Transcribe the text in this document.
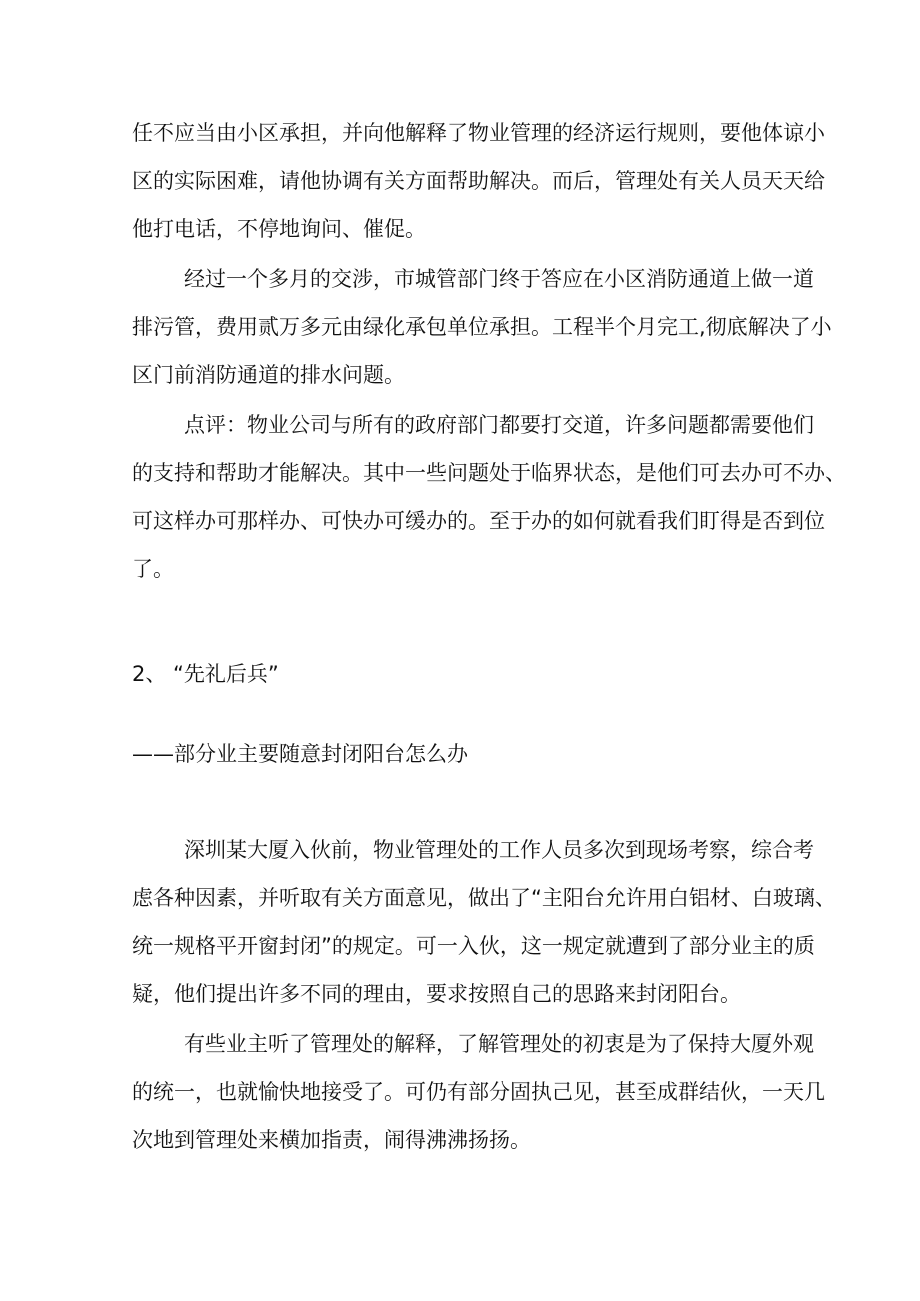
任不应当由小区承担，并向他解释了物业管理的经济运行规则，要他体谅小
区的实际困难，请他协调有关方面帮助解决。而后，管理处有关人员天天给
他打电话，不停地询问、催促。
经过一个多月的交涉，市城管部门终于答应在小区消防通道上做一道
排污管，费用贰万多元由绿化承包单位承担。工程半个月完工,彻底解决了小
区门前消防通道的排水问题。
点评：物业公司与所有的政府部门都要打交道，许多问题都需要他们
的支持和帮助才能解决。其中一些问题处于临界状态，是他们可去办可不办、
可这样办可那样办、可快办可缓办的。至于办的如何就看我们盯得是否到位
了。
2、 “先礼后兵”
——部分业主要随意封闭阳台怎么办
深圳某大厦入伙前，物业管理处的工作人员多次到现场考察，综合考
虑各种因素，并听取有关方面意见，做出了“主阳台允许用白铝材、白玻璃、
统一规格平开窗封闭”的规定。可一入伙，这一规定就遭到了部分业主的质
疑，他们提出许多不同的理由，要求按照自己的思路来封闭阳台。
有些业主听了管理处的解释，了解管理处的初衷是为了保持大厦外观
的统一，也就愉快地接受了。可仍有部分固执己见，甚至成群结伙，一天几
次地到管理处来横加指责，闹得沸沸扬扬。
